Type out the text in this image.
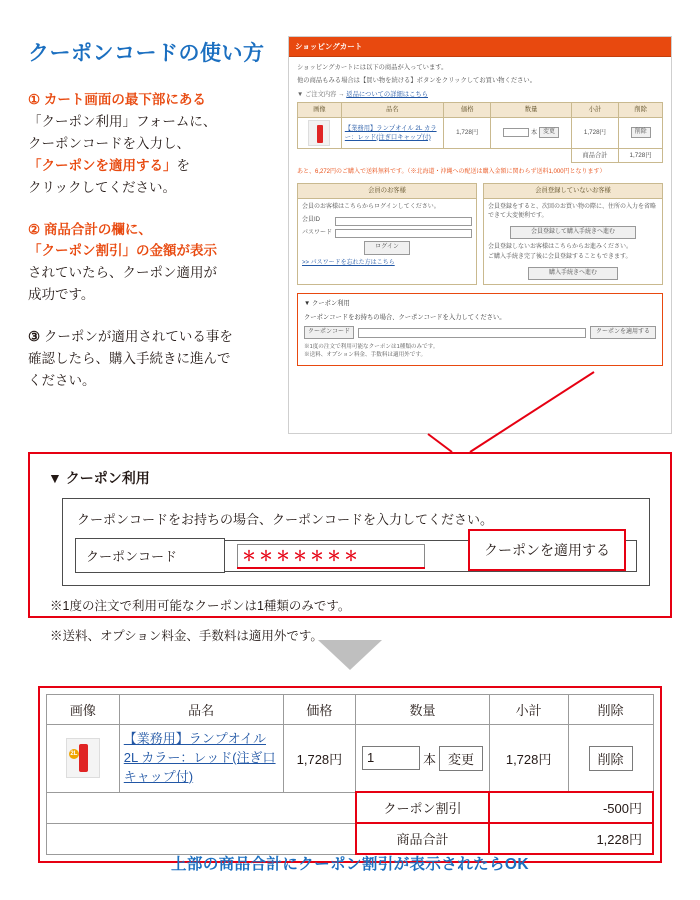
クーポンコードの使い方
① カート画面の最下部にある
「クーポン利用」フォームに、
クーポンコードを入力し、
「クーポンを適用する」を
クリックしてください。
② 商品合計の欄に、
「クーポン割引」の金額が表示
されていたら、クーポン適用が
成功です。
③ クーポンが適用されている事を
確認したら、購入手続きに進んで
ください。
ショッピングカート

ショッピングカートには以下の商品が入っています。

他の商品もみる場合は【買い物を続ける】ボタンをクリックしてお買い物ください。

▼ ご注文内容 → 返品についての詳細はこちら

画像	品名	価格	数量	小計	削除

	【業務用】ランプオイル 2L カラー：レッド(注ぎ口キャップ付)	1,728円	本 変更	1,728円	削除
				商品合計	1,728円

あと、6,272円のご購入で送料無料です。（※北海道・沖縄への配送は購入金額に関わらず送料1,000円となります）

会員のお客様
会員のお客様はこちらからログインしてください。
会員ID
パスワード
ログイン
>> パスワードを忘れた方はこちら
会員登録していないお客様
会員登録をすると、次回のお買い物の際に、住所の入力を省略できて大変便利です。
会員登録して購入手続きへ進む
会員登録しないお客様はこちらからお進みください。
ご購入手続き完了後に会員登録することもできます。
購入手続きへ進む
▼ クーポン利用
クーポンコードをお持ちの場合、クーポンコードを入力してください。
クーポンコード	クーポンを適用する
※1度の注文で利用可能なクーポンは1種類のみです。
※送料、オプション料金、手数料は適用外です。
▼ クーポン利用
クーポンコードをお持ちの場合、クーポンコードを入力してください。
クーポンコード	＊＊＊＊＊＊＊	クーポンを適用する
※1度の注文で利用可能なクーポンは1種類のみです。
※送料、オプション料金、手数料は適用外です。
画像	品名	価格	数量	小計	削除

2L	【業務用】ランプオイル 2L カラー：レッド(注ぎ口キャップ付)	1,728円	1 本 変更	1,728円	削除
			クーポン割引	-500円	
			商品合計	1,228円	
上部の商品合計にクーポン割引が表示されたらOK
